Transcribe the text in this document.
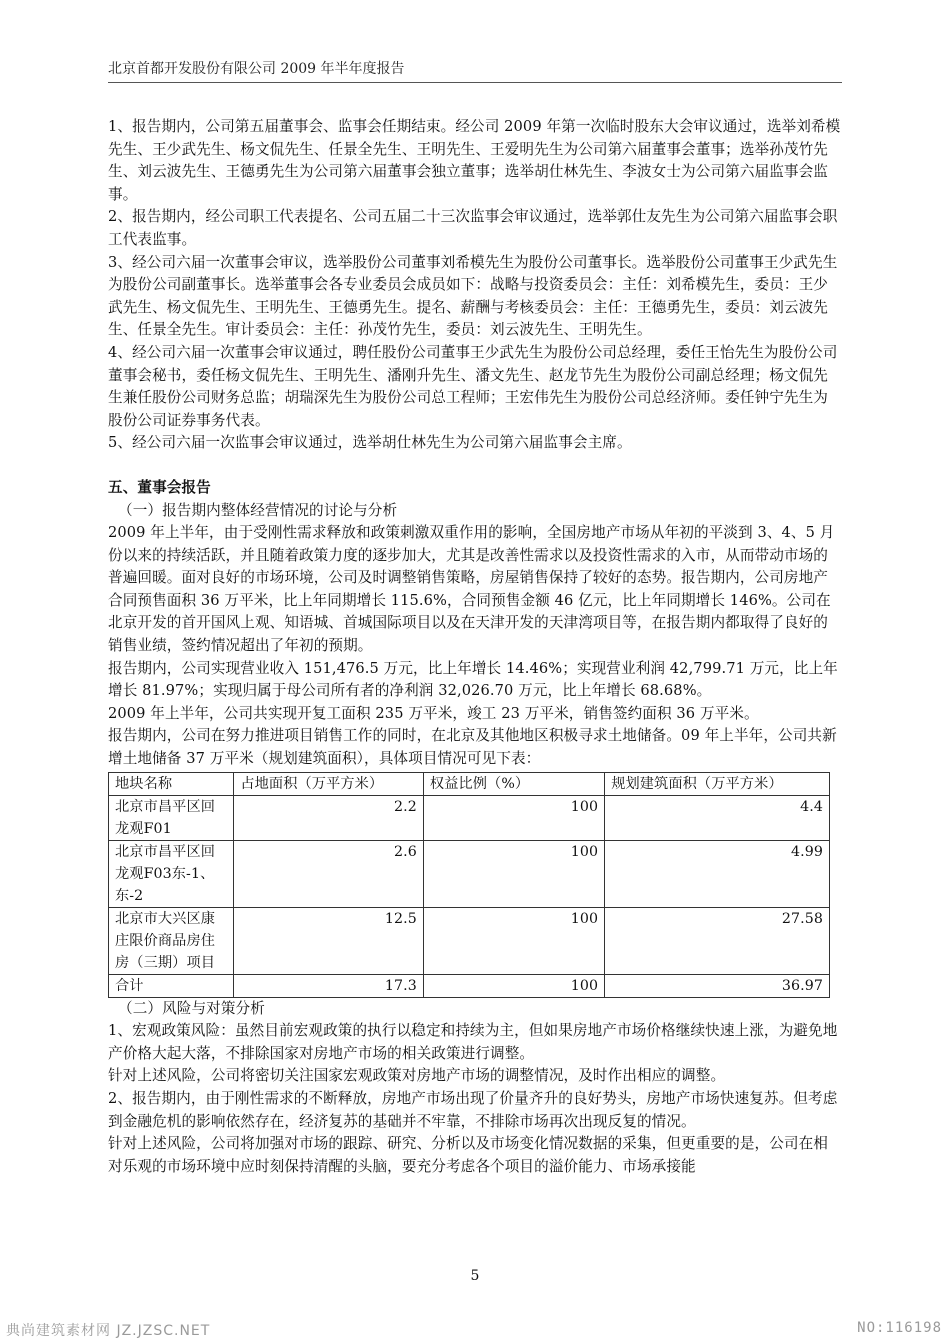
北京首都开发股份有限公司 2009 年半年度报告

1、报告期内，公司第五届董事会、监事会任期结束。经公司 2009 年第一次临时股东大会审议通过，选举刘希模先生、王少武先生、杨文侃先生、任景全先生、王明先生、王爱明先生为公司第六届董事会董事；选举孙茂竹先生、刘云波先生、王德勇先生为公司第六届董事会独立董事；选举胡仕林先生、李波女士为公司第六届监事会监事。

2、报告期内，经公司职工代表提名、公司五届二十三次监事会审议通过，选举郭仕友先生为公司第六届监事会职工代表监事。

3、经公司六届一次董事会审议，选举股份公司董事刘希模先生为股份公司董事长。选举股份公司董事王少武先生为股份公司副董事长。选举董事会各专业委员会成员如下：战略与投资委员会：主任：刘希模先生，委员：王少武先生、杨文侃先生、王明先生、王德勇先生。提名、薪酬与考核委员会：主任：王德勇先生，委员：刘云波先生、任景全先生。审计委员会：主任：孙茂竹先生，委员：刘云波先生、王明先生。

4、经公司六届一次董事会审议通过，聘任股份公司董事王少武先生为股份公司总经理，委任王怡先生为股份公司董事会秘书，委任杨文侃先生、王明先生、潘刚升先生、潘文先生、赵龙节先生为股份公司副总经理；杨文侃先生兼任股份公司财务总监；胡瑞深先生为股份公司总工程师；王宏伟先生为股份公司总经济师。委任钟宁先生为股份公司证券事务代表。

5、经公司六届一次监事会审议通过，选举胡仕林先生为公司第六届监事会主席。

五、董事会报告

（一）报告期内整体经营情况的讨论与分析

2009 年上半年，由于受刚性需求释放和政策刺激双重作用的影响，全国房地产市场从年初的平淡到 3、4、5 月份以来的持续活跃，并且随着政策力度的逐步加大，尤其是改善性需求以及投资性需求的入市，从而带动市场的普遍回暖。面对良好的市场环境，公司及时调整销售策略，房屋销售保持了较好的态势。报告期内，公司房地产合同预售面积 36 万平米，比上年同期增长 115.6%，合同预售金额 46 亿元，比上年同期增长 146%。公司在北京开发的首开国风上观、知语城、首城国际项目以及在天津开发的天津湾项目等，在报告期内都取得了良好的销售业绩，签约情况超出了年初的预期。

报告期内，公司实现营业收入 151,476.5 万元，比上年增长 14.46%；实现营业利润 42,799.71 万元，比上年增长 81.97%；实现归属于母公司所有者的净利润 32,026.70 万元，比上年增长 68.68%。

2009 年上半年，公司共实现开复工面积 235 万平米，竣工 23 万平米，销售签约面积 36 万平米。

报告期内，公司在努力推进项目销售工作的同时，在北京及其他地区积极寻求土地储备。09 年上半年，公司共新增土地储备 37 万平米（规划建筑面积），具体项目情况可见下表：

地块名称	占地面积（万平方米）	权益比例（%）	规划建筑面积（万平方米）
北京市昌平区回龙观F01	2.2	100	4.4
北京市昌平区回龙观F03东-1、东-2	2.6	100	4.99
北京市大兴区康庄限价商品房住房（三期）项目	12.5	100	27.58
合计	17.3	100	36.97

（二）风险与对策分析

1、宏观政策风险：虽然目前宏观政策的执行以稳定和持续为主，但如果房地产市场价格继续快速上涨，为避免地产价格大起大落，不排除国家对房地产市场的相关政策进行调整。

针对上述风险，公司将密切关注国家宏观政策对房地产市场的调整情况，及时作出相应的调整。

2、报告期内，由于刚性需求的不断释放，房地产市场出现了价量齐升的良好势头，房地产市场快速复苏。但考虑到金融危机的影响依然存在，经济复苏的基础并不牢靠，不排除市场再次出现反复的情况。

针对上述风险，公司将加强对市场的跟踪、研究、分析以及市场变化情况数据的采集，但更重要的是，公司在相对乐观的市场环境中应时刻保持清醒的头脑，要充分考虑各个项目的溢价能力、市场承接能

5
典尚建筑素材网 JZ.JZSC.NET	NO:116198
